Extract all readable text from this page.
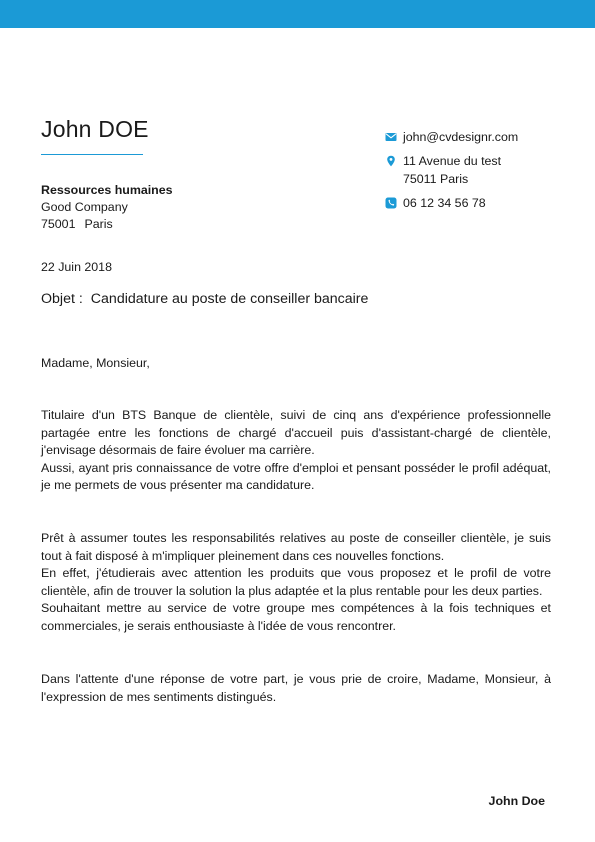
John DOE	john@cvdesignr.com
11 Avenue du test
75011 Paris
06 12 34 56 78
Ressources humaines
Good Company
75001 Paris
22 Juin 2018
Objet : Candidature au poste de conseiller bancaire
Madame, Monsieur,

Titulaire d'un BTS Banque de clientèle, suivi de cinq ans d'expérience professionnelle partagée entre les fonctions de chargé d'accueil puis d'assistant-chargé de clientèle, j'envisage désormais de faire évoluer ma carrière.

Aussi, ayant pris connaissance de votre offre d'emploi et pensant posséder le profil adéquat, je me permets de vous présenter ma candidature.

Prêt à assumer toutes les responsabilités relatives au poste de conseiller clientèle, je suis tout à fait disposé à m'impliquer pleinement dans ces nouvelles fonctions.

En effet, j'étudierais avec attention les produits que vous proposez et le profil de votre clientèle, afin de trouver la solution la plus adaptée et la plus rentable pour les deux parties.

Souhaitant mettre au service de votre groupe mes compétences à la fois techniques et commerciales, je serais enthousiaste à l'idée de vous rencontrer.

Dans l'attente d'une réponse de votre part, je vous prie de croire, Madame, Monsieur, à l'expression de mes sentiments distingués.

John Doe
